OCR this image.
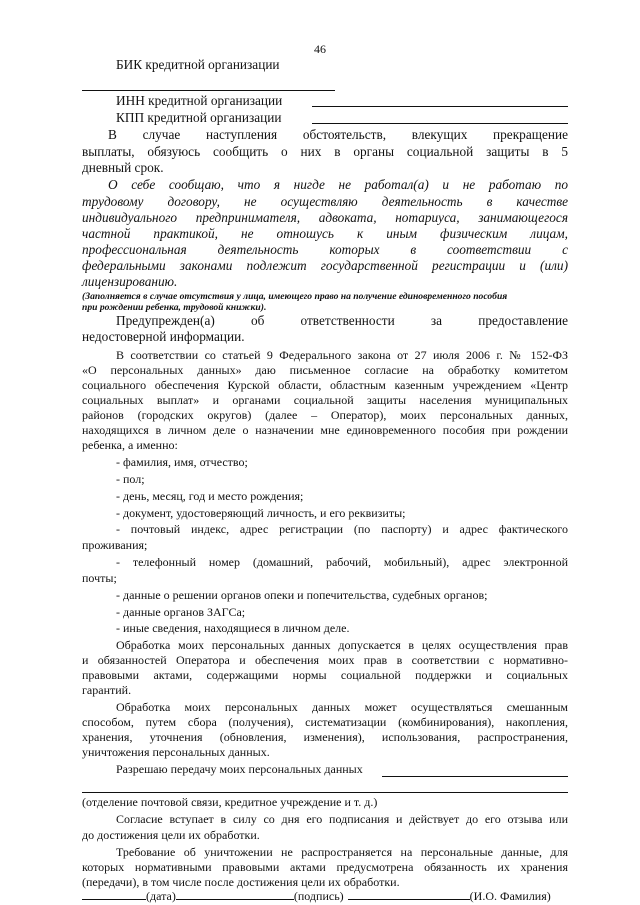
46
БИК кредитной организации
ИНН кредитной организации
КПП кредитной организации
В случае наступления обстоятельств, влекущих прекращение
выплаты, обязуюсь сообщить о них в органы социальной защиты в 5
дневный срок.
О себе сообщаю, что я нигде не работал(а) и не работаю по
трудовому договору, не осуществляю деятельность в качестве
индивидуального предпринимателя, адвоката, нотариуса, занимающегося
частной практикой, не отношусь к иным физическим лицам,
профессиональная деятельность которых в соответствии с
федеральными законами подлежит государственной регистрации и (или)
лицензированию.
(Заполняется в случае отсутствия у лица, имеющего право на получение единовременного пособия
при рождении ребенка, трудовой книжки).
Предупрежден(а) об ответственности за предоставление
недостоверной информации.
В соответствии со статьей 9 Федерального закона от 27 июля 2006 г. № 152-ФЗ
«О персональных данных» даю письменное согласие на обработку комитетом
социального обеспечения Курской области, областным казенным учреждением «Центр
социальных выплат» и органами социальной защиты населения муниципальных
районов (городских округов) (далее – Оператор), моих персональных данных,
находящихся в личном деле о назначении мне единовременного пособия при рождении
ребенка, а именно:
- фамилия, имя, отчество;
- пол;
- день, месяц, год и место рождения;
- документ, удостоверяющий личность, и его реквизиты;
- почтовый индекс, адрес регистрации (по паспорту) и адрес фактического
проживания;
- телефонный номер (домашний, рабочий, мобильный), адрес электронной
почты;
- данные о решении органов опеки и попечительства, судебных органов;
- данные органов ЗАГСа;
- иные сведения, находящиеся в личном деле.
Обработка моих персональных данных допускается в целях осуществления прав
и обязанностей Оператора и обеспечения моих прав в соответствии с нормативно-
правовыми актами, содержащими нормы социальной поддержки и социальных
гарантий.
Обработка моих персональных данных может осуществляться смешанным
способом, путем сбора (получения), систематизации (комбинирования), накопления,
хранения, уточнения (обновления, изменения), использования, распространения,
уничтожения персональных данных.
Разрешаю передачу моих персональных данных
(отделение почтовой связи, кредитное учреждение и т. д.)
Согласие вступает в силу со дня его подписания и действует до его отзыва или
до достижения цели их обработки.
Требование об уничтожении не распространяется на персональные данные, для
которых нормативными правовыми актами предусмотрена обязанность их хранения
(передачи), в том числе после достижения цели их обработки.
(дата)	(подпись)	(И.О. Фамилия)
